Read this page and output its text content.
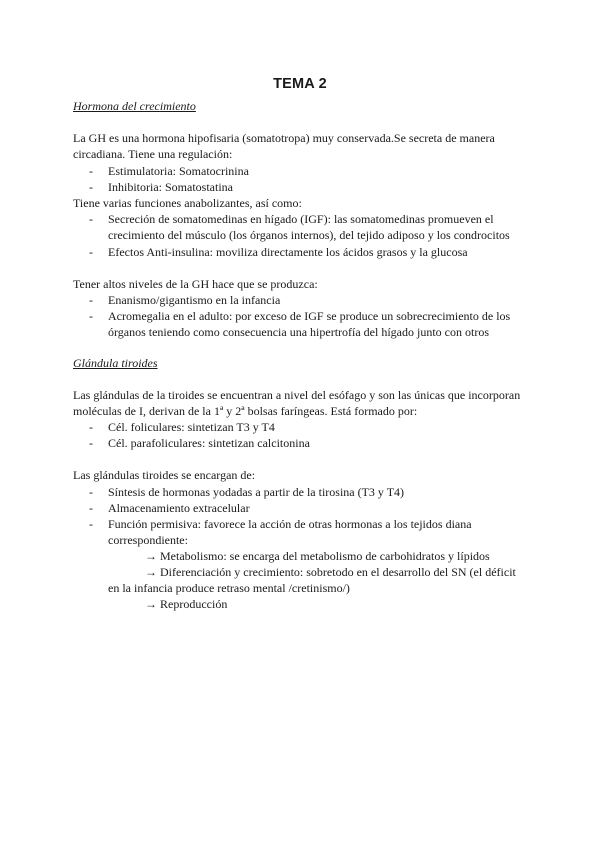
TEMA 2
Hormona del crecimiento
La GH es una hormona hipofisaria (somatotropa) muy conservada.Se secreta de manera
circadiana. Tiene una regulación:
- Estimulatoria: Somatocrinina
- Inhibitoria: Somatostatina
Tiene varias funciones anabolizantes, así como:
- Secreción de somatomedinas en hígado (IGF): las somatomedinas promueven el
crecimiento del músculo (los órganos internos), del tejido adiposo y los condrocitos
- Efectos Anti-insulina: moviliza directamente los ácidos grasos y la glucosa
Tener altos niveles de la GH hace que se produzca:
- Enanismo/gigantismo en la infancia
- Acromegalia en el adulto: por exceso de IGF se produce un sobrecrecimiento de los
órganos teniendo como consecuencia una hipertrofía del hígado junto con otros
Glándula tiroides
Las glándulas de la tiroides se encuentran a nivel del esófago y son las únicas que incorporan
moléculas de I, derivan de la 1ª y 2ª bolsas faríngeas. Está formado por:
- Cél. foliculares: sintetizan T3 y T4
- Cél. parafoliculares: sintetizan calcitonina
Las glándulas tiroides se encargan de:
- Síntesis de hormonas yodadas a partir de la tirosina (T3 y T4)
- Almacenamiento extracelular
- Función permisiva: favorece la acción de otras hormonas a los tejidos diana
correspondiente:
→ Metabolismo: se encarga del metabolismo de carbohidratos y lípidos
→ Diferenciación y crecimiento: sobretodo en el desarrollo del SN (el déficit
en la infancia produce retraso mental /cretinismo/)
→ Reproducción
